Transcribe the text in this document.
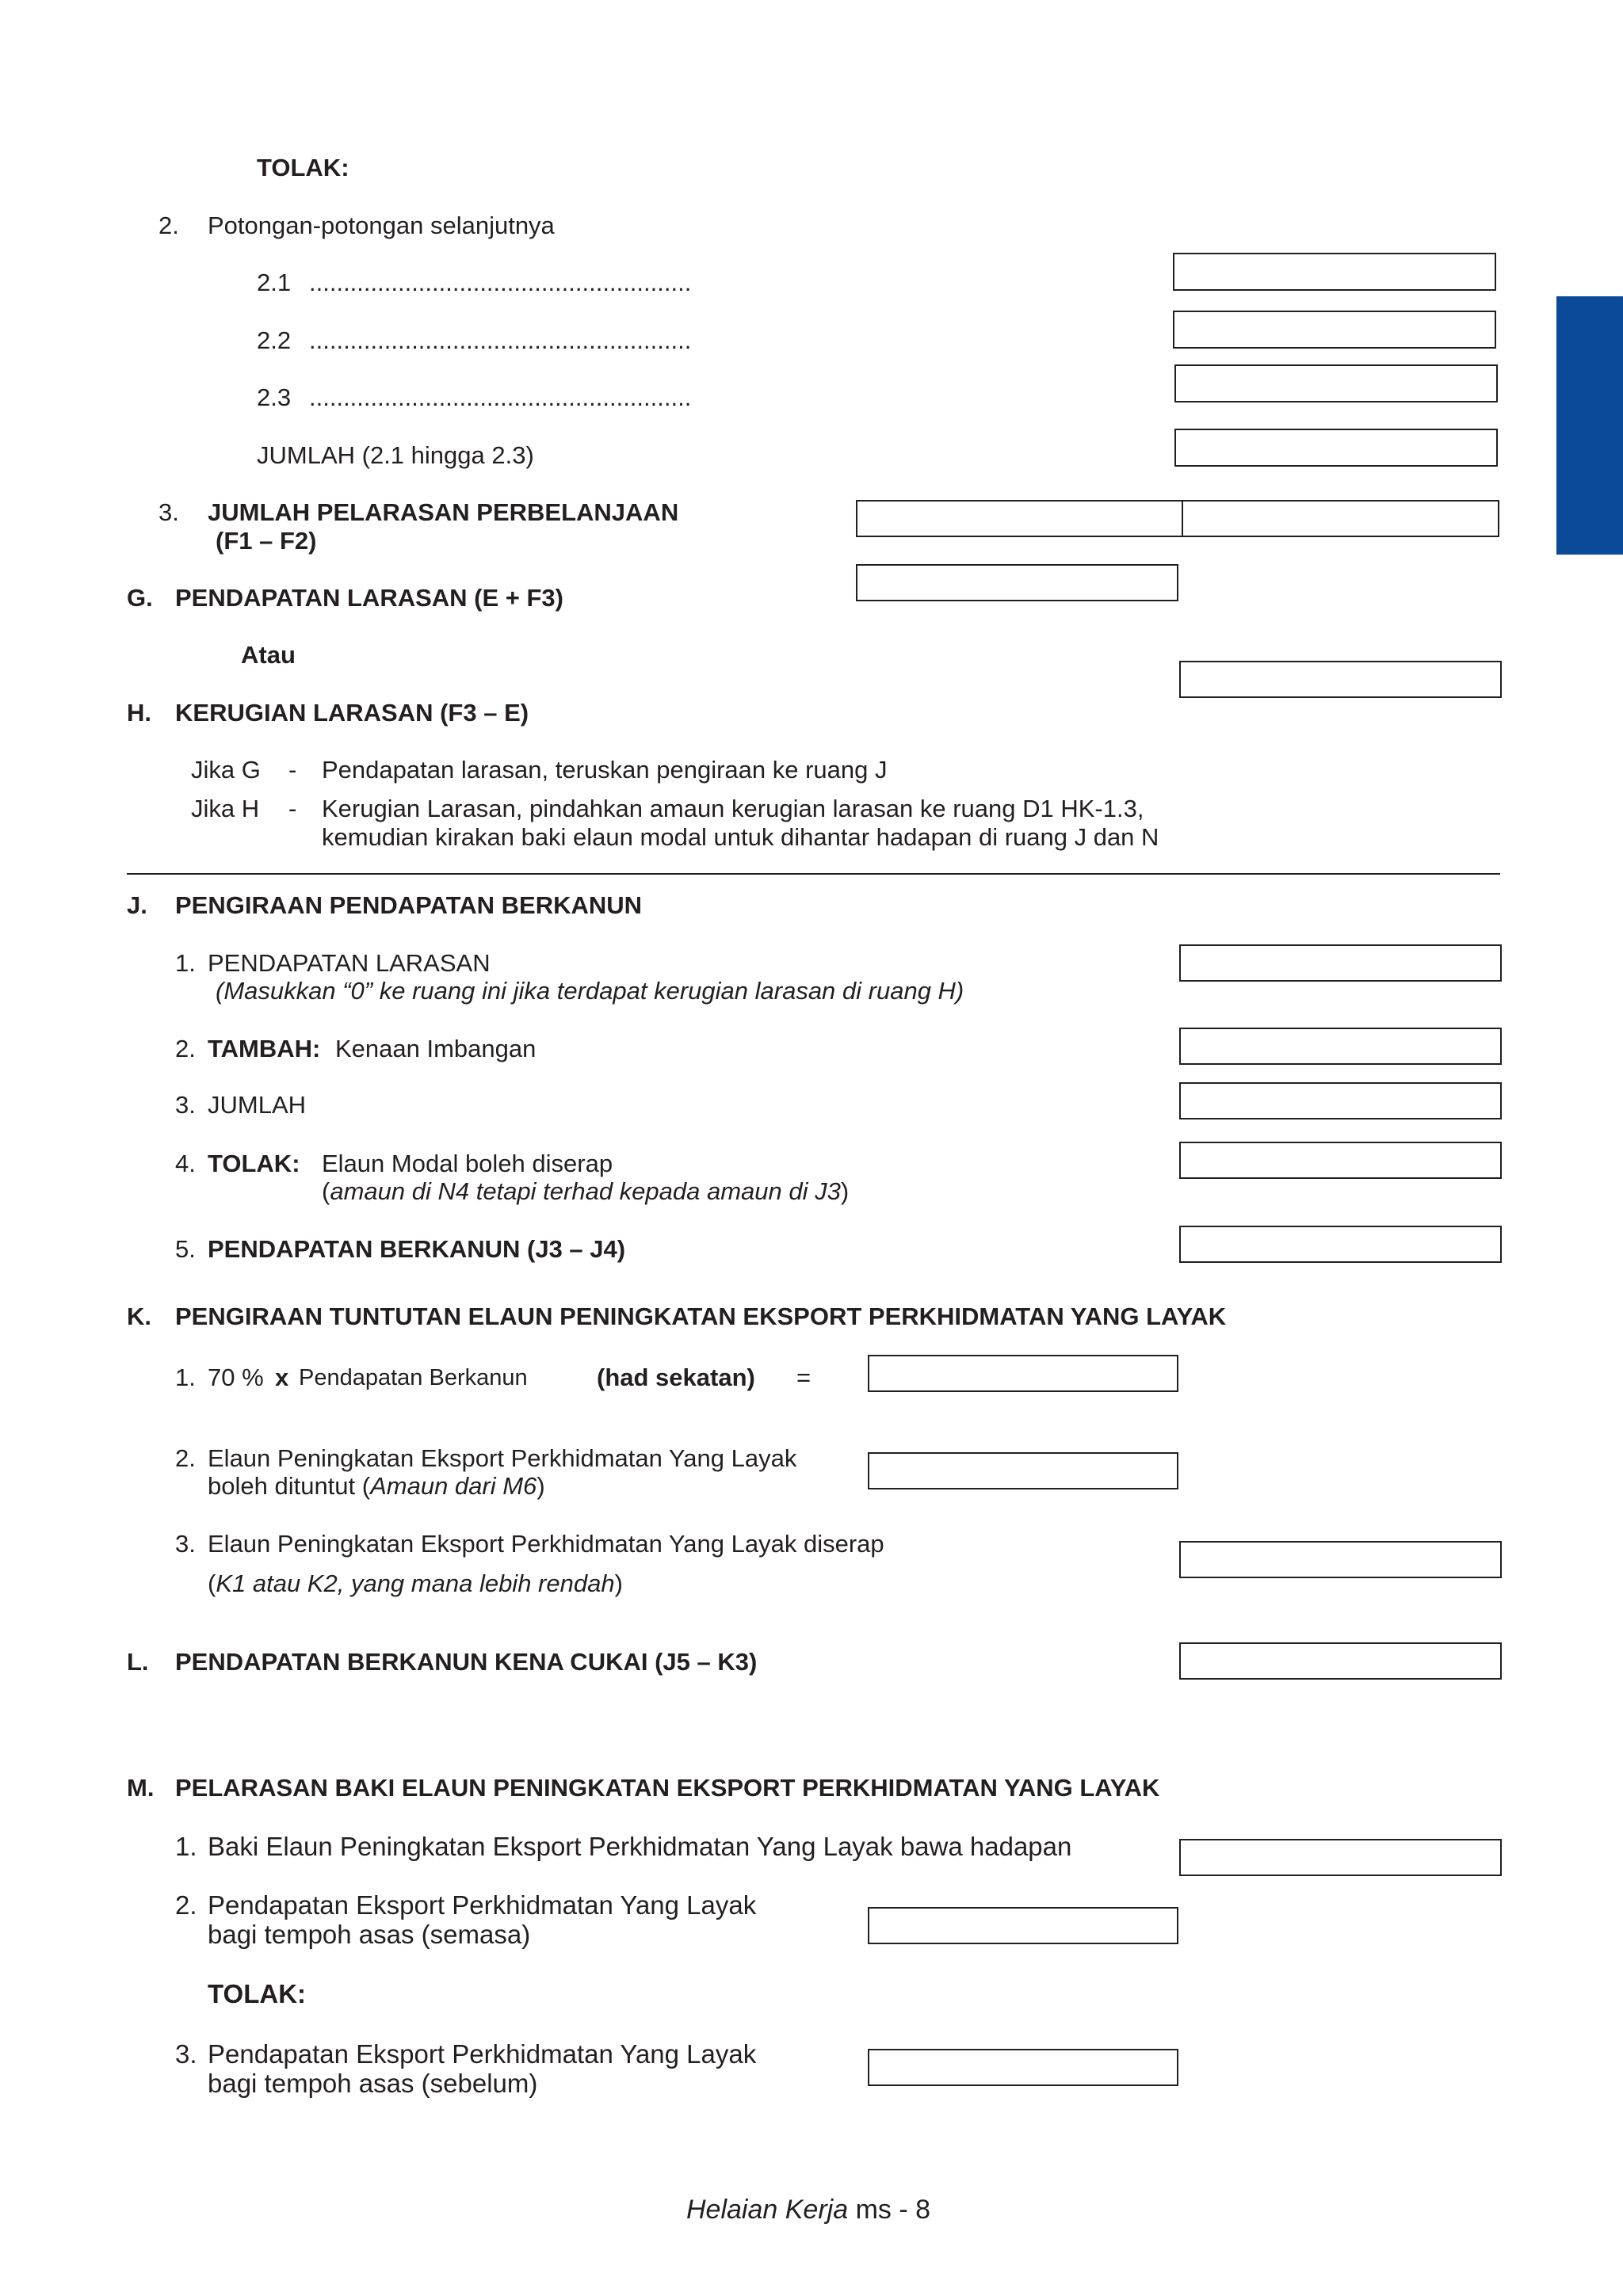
TOLAK:
2. Potongan-potongan selanjutnya
2.1 ........................................................
2.2 ........................................................
2.3 ........................................................
JUMLAH (2.1 hingga 2.3)
3. JUMLAH PELARASAN PERBELANJAAN
(F1 – F2)
G. PENDAPATAN LARASAN (E + F3)
Atau
H. KERUGIAN LARASAN (F3 – E)
Jika G - Pendapatan larasan, teruskan pengiraan ke ruang J
Jika H - Kerugian Larasan, pindahkan amaun kerugian larasan ke ruang D1 HK-1.3,
kemudian kirakan baki elaun modal untuk dihantar hadapan di ruang J dan N
J. PENGIRAAN PENDAPATAN BERKANUN
1. PENDAPATAN LARASAN
(Masukkan “0” ke ruang ini jika terdapat kerugian larasan di ruang H)
2. TAMBAH: Kenaan Imbangan
3. JUMLAH
4. TOLAK: Elaun Modal boleh diserap
(amaun di N4 tetapi terhad kepada amaun di J3)
5. PENDAPATAN BERKANUN (J3 – J4)
K. PENGIRAAN TUNTUTAN ELAUN PENINGKATAN EKSPORT PERKHIDMATAN YANG LAYAK
1. 70 % x Pendapatan Berkanun	(had sekatan) =
2. Elaun Peningkatan Eksport Perkhidmatan Yang Layak
boleh dituntut (Amaun dari M6)
3. Elaun Peningkatan Eksport Perkhidmatan Yang Layak diserap
(K1 atau K2, yang mana lebih rendah)
L. PENDAPATAN BERKANUN KENA CUKAI (J5 – K3)
M. PELARASAN BAKI ELAUN PENINGKATAN EKSPORT PERKHIDMATAN YANG LAYAK
1. Baki Elaun Peningkatan Eksport Perkhidmatan Yang Layak bawa hadapan
2. Pendapatan Eksport Perkhidmatan Yang Layak
bagi tempoh asas (semasa)
TOLAK:
3. Pendapatan Eksport Perkhidmatan Yang Layak
bagi tempoh asas (sebelum)
Helaian Kerja ms - 8
